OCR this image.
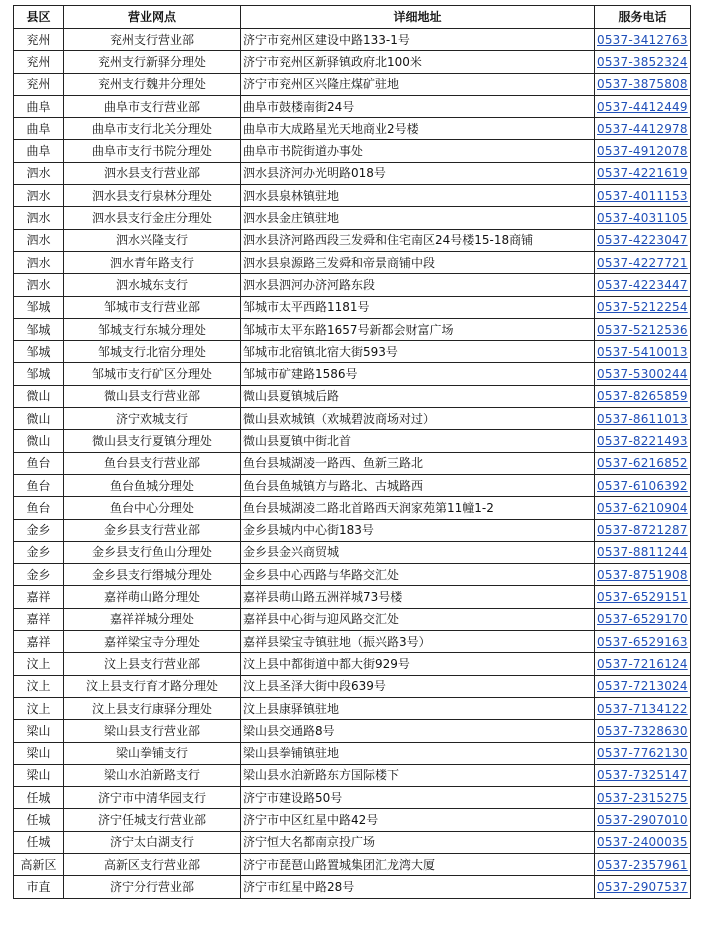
县区	营业网点	详细地址	服务电话
兖州	兖州支行营业部	济宁市兖州区建设中路133-1号	0537-3412763
兖州	兖州支行新驿分理处	济宁市兖州区新驿镇政府北100米	0537-3852324
兖州	兖州支行魏井分理处	济宁市兖州区兴隆庄煤矿驻地	0537-3875808
曲阜	曲阜市支行营业部	曲阜市鼓楼南街24号	0537-4412449
曲阜	曲阜市支行北关分理处	曲阜市大成路星光天地商业2号楼	0537-4412978
曲阜	曲阜市支行书院分理处	曲阜市书院街道办事处	0537-4912078
泗水	泗水县支行营业部	泗水县济河办光明路018号	0537-4221619
泗水	泗水县支行泉林分理处	泗水县泉林镇驻地	0537-4011153
泗水	泗水县支行金庄分理处	泗水县金庄镇驻地	0537-4031105
泗水	泗水兴隆支行	泗水县济河路西段三发舜和住宅南区24号楼15-18商铺	0537-4223047
泗水	泗水青年路支行	泗水县泉源路三发舜和帝景商铺中段	0537-4227721
泗水	泗水城东支行	泗水县泗河办济河路东段	0537-4223447
邹城	邹城市支行营业部	邹城市太平西路1181号	0537-5212254
邹城	邹城支行东城分理处	邹城市太平东路1657号新都会财富广场	0537-5212536
邹城	邹城支行北宿分理处	邹城市北宿镇北宿大街593号	0537-5410013
邹城	邹城市支行矿区分理处	邹城市矿建路1586号	0537-5300244
微山	微山县支行营业部	微山县夏镇城后路	0537-8265859
微山	济宁欢城支行	微山县欢城镇（欢城碧波商场对过）	0537-8611013
微山	微山县支行夏镇分理处	微山县夏镇中街北首	0537-8221493
鱼台	鱼台县支行营业部	鱼台县城湖凌一路西、鱼新三路北	0537-6216852
鱼台	鱼台鱼城分理处	鱼台县鱼城镇方与路北、古城路西	0537-6106392
鱼台	鱼台中心分理处	鱼台县城湖凌二路北首路西天润家苑第11幢1-2	0537-6210904
金乡	金乡县支行营业部	金乡县城内中心街183号	0537-8721287
金乡	金乡县支行鱼山分理处	金乡县金兴商贸城	0537-8811244
金乡	金乡县支行缗城分理处	金乡县中心西路与华路交汇处	0537-8751908
嘉祥	嘉祥萌山路分理处	嘉祥县萌山路五洲祥城73号楼	0537-6529151
嘉祥	嘉祥祥城分理处	嘉祥县中心街与迎风路交汇处	0537-6529170
嘉祥	嘉祥梁宝寺分理处	嘉祥县梁宝寺镇驻地（振兴路3号）	0537-6529163
汶上	汶上县支行营业部	汶上县中都街道中都大街929号	0537-7216124
汶上	汶上县支行育才路分理处	汶上县圣泽大街中段639号	0537-7213024
汶上	汶上县支行康驿分理处	汶上县康驿镇驻地	0537-7134122
梁山	梁山县支行营业部	梁山县交通路8号	0537-7328630
梁山	梁山拳铺支行	梁山县拳铺镇驻地	0537-7762130
梁山	梁山水泊新路支行	梁山县水泊新路东方国际楼下	0537-7325147
任城	济宁市中清华园支行	济宁市建设路50号	0537-2315275
任城	济宁任城支行营业部	济宁市中区红星中路42号	0537-2907010
任城	济宁太白湖支行	济宁恒大名都南京投广场	0537-2400035
高新区	高新区支行营业部	济宁市琵琶山路置城集团汇龙湾大厦	0537-2357961
市直	济宁分行营业部	济宁市红星中路28号	0537-2907537
